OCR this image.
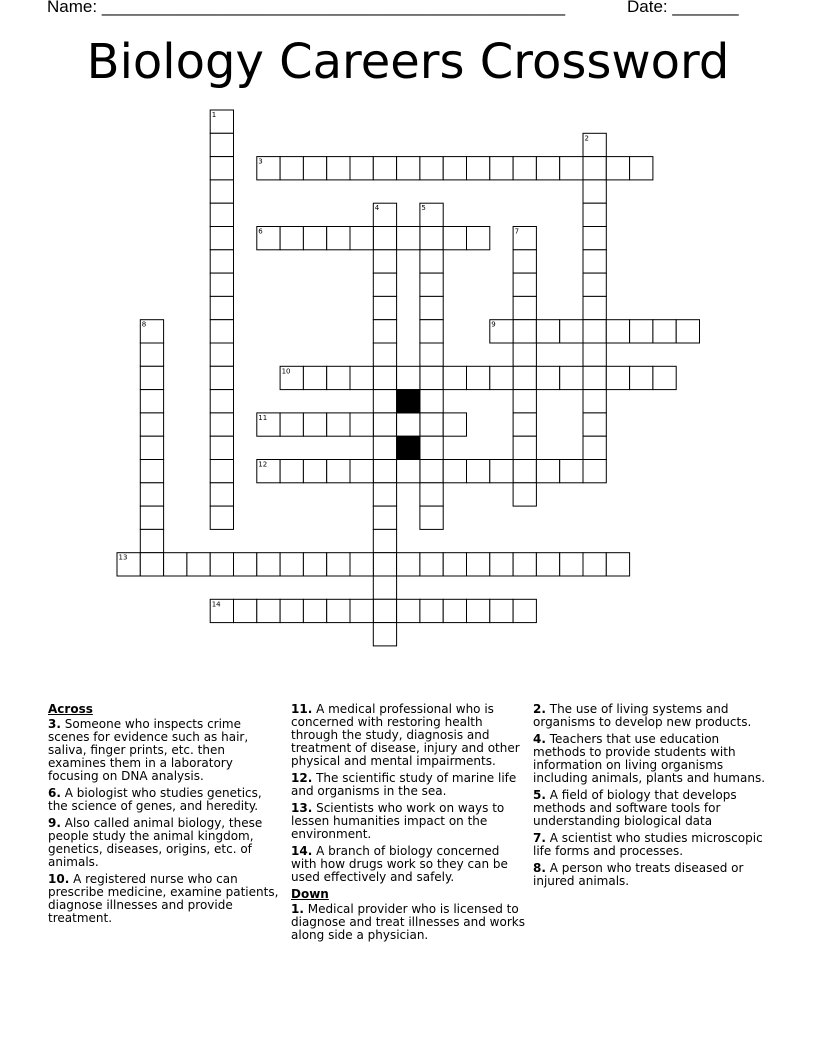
Name: _________________________________________________	Date: _______
Biology Careers Crossword
1
2
3
4	5
6	7
8	9
10
11
12
13
14
Across
3. Someone who inspects crime scenes for evidence such as hair, saliva, finger prints, etc. then examines them in a laboratory focusing on DNA analysis.
6. A biologist who studies genetics, the science of genes, and heredity.
9. Also called animal biology, these people study the animal kingdom, genetics, diseases, origins, etc. of animals.
10. A registered nurse who can prescribe medicine, examine patients, diagnose illnesses and provide treatment.
11. A medical professional who is concerned with restoring health through the study, diagnosis and treatment of disease, injury and other physical and mental impairments.
12. The scientific study of marine life and organisms in the sea.
13. Scientists who work on ways to lessen humanities impact on the environment.
14. A branch of biology concerned with how drugs work so they can be used effectively and safely.
Down
1. Medical provider who is licensed to diagnose and treat illnesses and works along side a physician.
2. The use of living systems and organisms to develop new products.
4. Teachers that use education methods to provide students with information on living organisms including animals, plants and humans.
5. A field of biology that develops methods and software tools for understanding biological data
7. A scientist who studies microscopic life forms and processes.
8. A person who treats diseased or injured animals.
